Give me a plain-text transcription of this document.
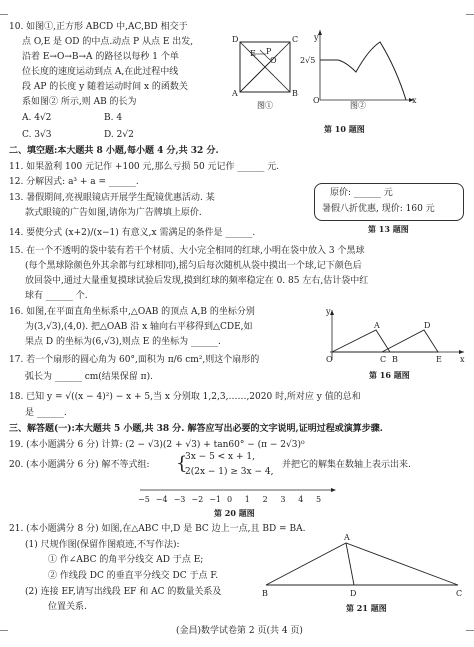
10. 如图①,正方形 ABCD 中,AC,BD 相交于
点 O,E 是 OD 的中点.动点 P 从点 E 出发,
沿着 E→O→B→A 的路径以每秒 1 个单
位长度的速度运动到点 A,在此过程中线
段 AP 的长度 y 随着运动时间 x 的函数关
系如图② 所示,则 AB 的长为
A. 4√2	B. 4
C. 3√3	D. 2√2
D	C
A	B
O
E P
图①
y
x
O
2√5
图②
第 10 题图
二、填空题:本大题共 8 小题,每小题 4 分,共 32 分.
11. 如果盈利 100 元记作 +100 元,那么亏损 50 元记作 ______ 元.
12. 分解因式: a³ + a = ______.
13. 暑假期间,亮视眼镜店开展学生配镜优惠活动. 某
款式眼镜的广告如图,请你为广告牌填上原价.
原价: ______ 元
暑假八折优惠, 现价: 160 元
第 13 题图
14. 要使分式 (x+2)/(x−1) 有意义,x 需满足的条件是 ______.
15. 在一个不透明的袋中装有若干个材质、大小完全相同的红球,小明在袋中放入 3 个黑球
(每个黑球除颜色外其余都与红球相同),摇匀后每次随机从袋中摸出一个球,记下颜色后
放回袋中,通过大量重复摸球试验后发现,摸到红球的频率稳定在 0. 85 左右,估计袋中红
球有 ______ 个.
16. 如图,在平面直角坐标系中,△OAB 的顶点 A,B 的坐标分别
为(3,√3),(4,0). 把△OAB 沿 x 轴向右平移得到△CDE,如
果点 D 的坐标为(6,√3),则点 E 的坐标为 ______.
y
A	D
O	C B	E x
第 16 题图
17. 若一个扇形的圆心角为 60°,面积为 π/6 cm²,则这个扇形的
弧长为 ______ cm(结果保留 π).
18. 已知 y = √((x − 4)²) − x + 5,当 x 分别取 1,2,3,……,2020 时,所对应 y 值的总和
是 ______.
三、解答题(一):本大题共 5 小题,共 38 分. 解答应写出必要的文字说明,证明过程或演算步骤.
19. (本小题满分 6 分) 计算: (2 − √3)(2 + √3) + tan60° − (π − 2√3)⁰
20. (本小题满分 6 分) 解不等式组: {
3x − 5 < x + 1,
2(2x − 1) ≥ 3x − 4,
并把它的解集在数轴上表示出来.
−5 −4 −3 −2 −1 0 1 2 3 4 5
第 20 题图
21. (本小题满分 8 分) 如图,在△ABC 中,D 是 BC 边上一点,且 BD = BA.
(1) 尺规作图(保留作图痕迹,不写作法):
① 作∠ABC 的角平分线交 AD 于点 E;
② 作线段 DC 的垂直平分线交 DC 于点 F.
(2) 连接 EF,请写出线段 EF 和 AC 的数量关系及
位置关系.
A
B	D	C
第 21 题图
(金昌)数学试卷第 2 页(共 4 页)
